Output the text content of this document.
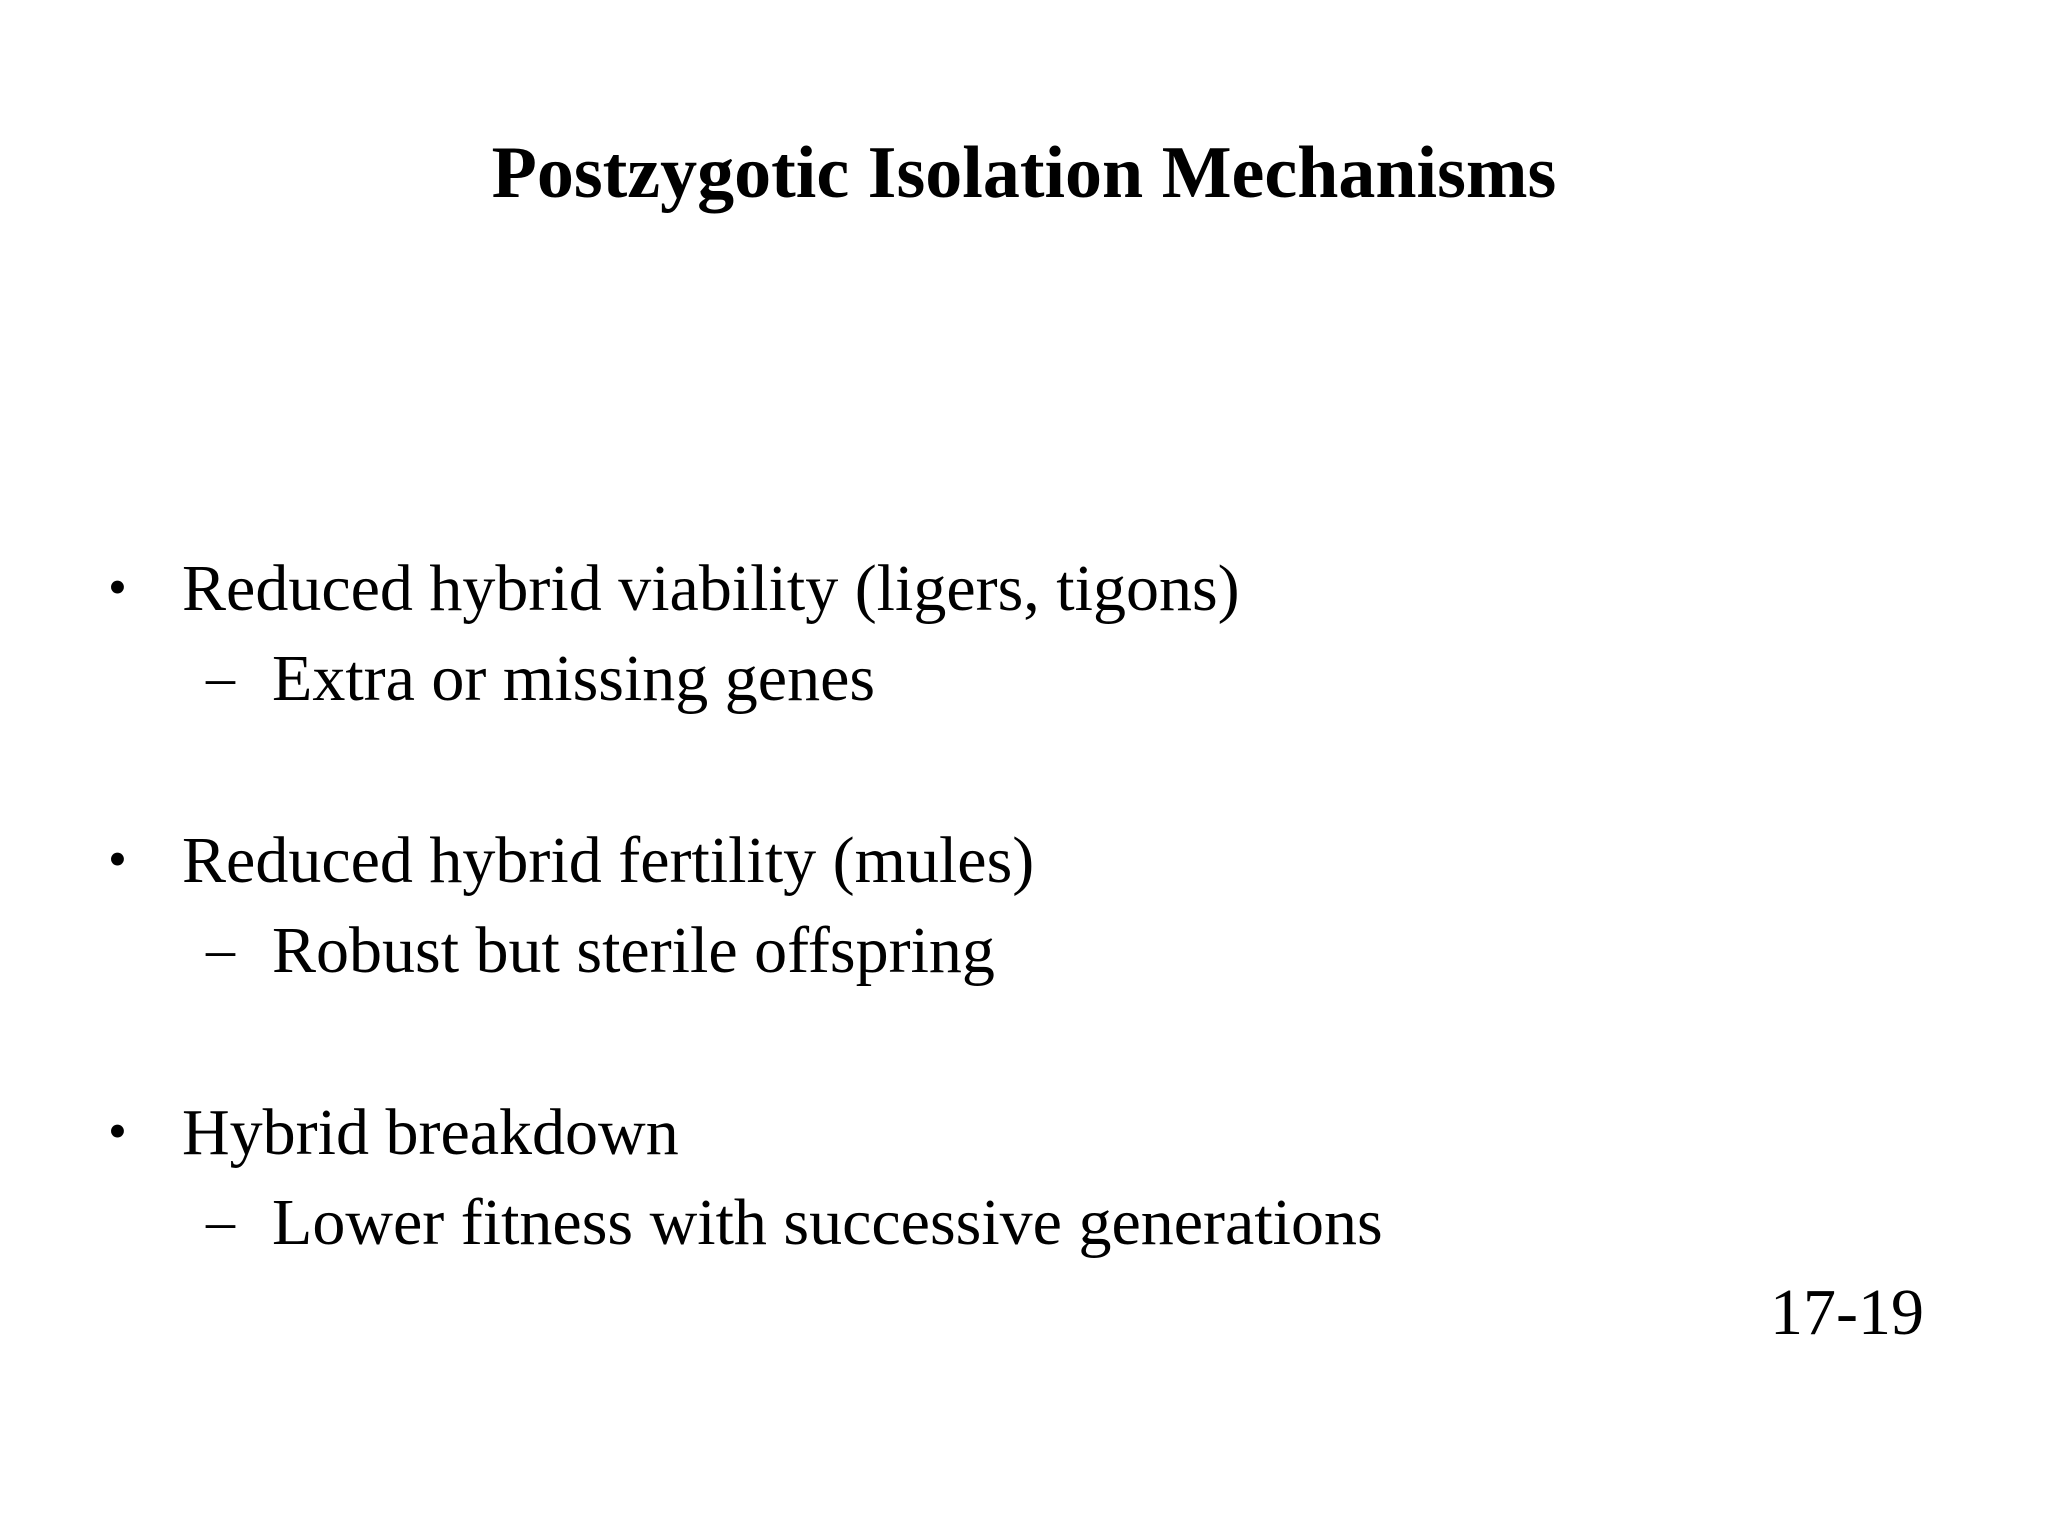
Postzygotic Isolation Mechanisms
• Reduced hybrid viability (ligers, tigons)
– Extra or missing genes
• Reduced hybrid fertility (mules)
– Robust but sterile offspring
• Hybrid breakdown
– Lower fitness with successive generations
17-19
